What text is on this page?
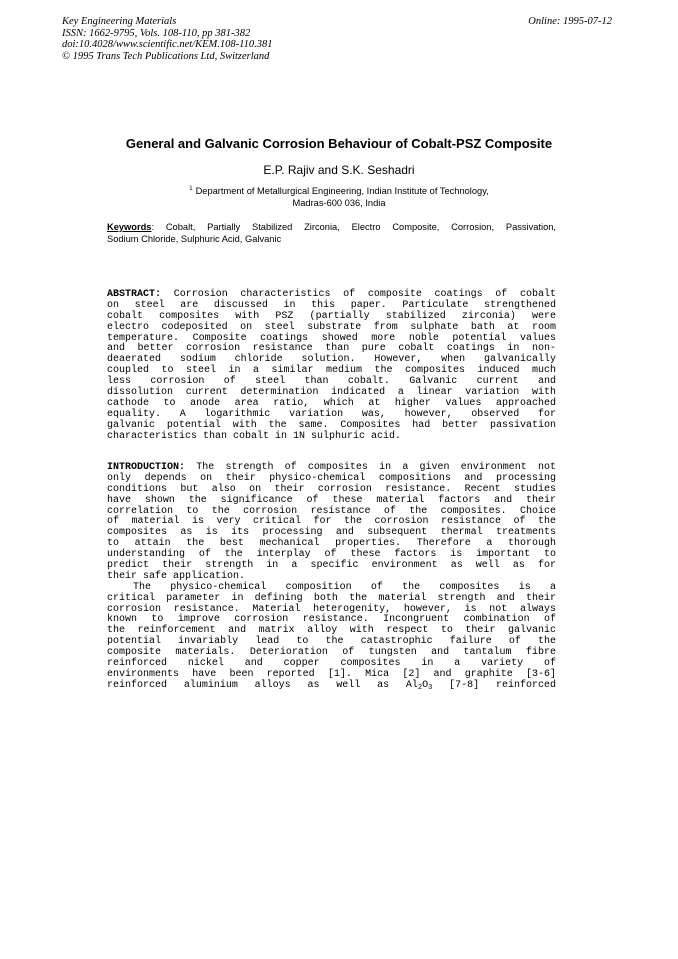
Key Engineering Materials
ISSN: 1662-9795, Vols. 108-110, pp 381-382
doi:10.4028/www.scientific.net/KEM.108-110.381
© 1995 Trans Tech Publications Ltd, Switzerland
Online: 1995-07-12
General and Galvanic Corrosion Behaviour of Cobalt-PSZ Composite
E.P. Rajiv and S.K. Seshadri
$^1$ Department of Metallurgical Engineering, Indian Institute of Technology,
Madras-600 036, India
Keywords: Cobalt, Partially Stabilized Zirconia, Electro Composite, Corrosion, Passivation,
Sodium Chloride, Sulphuric Acid, Galvanic
ABSTRACT: Corrosion characteristics of composite coatings of cobalt
on steel are discussed in this paper. Particulate strengthened
cobalt composites with PSZ (partially stabilized zirconia) were
electro codeposited on steel substrate from sulphate bath at room
temperature. Composite coatings showed more noble potential values
and better corrosion resistance than pure cobalt coatings in non-
deaerated sodium chloride solution. However, when galvanically
coupled to steel in a similar medium the composites induced much
less corrosion of steel than cobalt. Galvanic current and
dissolution current determination indicated a linear variation with
cathode to anode area ratio, which at higher values approached
equality. A logarithmic variation was, however, observed for
galvanic potential with the same. Composites had better passivation
characteristics than cobalt in 1N sulphuric acid.
INTRODUCTION: The strength of composites in a given environment not
only depends on their physico-chemical compositions and processing
conditions but also on their corrosion resistance. Recent studies
have shown the significance of these material factors and their
correlation to the corrosion resistance of the composites. Choice
of material is very critical for the corrosion resistance of the
composites as is its processing and subsequent thermal treatments
to attain the best mechanical properties. Therefore a thorough
understanding of the interplay of these factors is important to
predict their strength in a specific environment as well as for
their safe application.
The physico-chemical composition of the composites is a
critical parameter in defining both the material strength and their
corrosion resistance. Material heterogenity, however, is not always
known to improve corrosion resistance. Incongruent combination of
the reinforcement and matrix alloy with respect to their galvanic
potential invariably lead to the catastrophic failure of the
composite materials. Deterioration of tungsten and tantalum fibre
reinforced nickel and copper composites in a variety of
environments have been reported [1]. Mica [2] and graphite [3-6]
reinforced aluminium alloys as well as $Al_2O_3$ [7-8] reinforced
